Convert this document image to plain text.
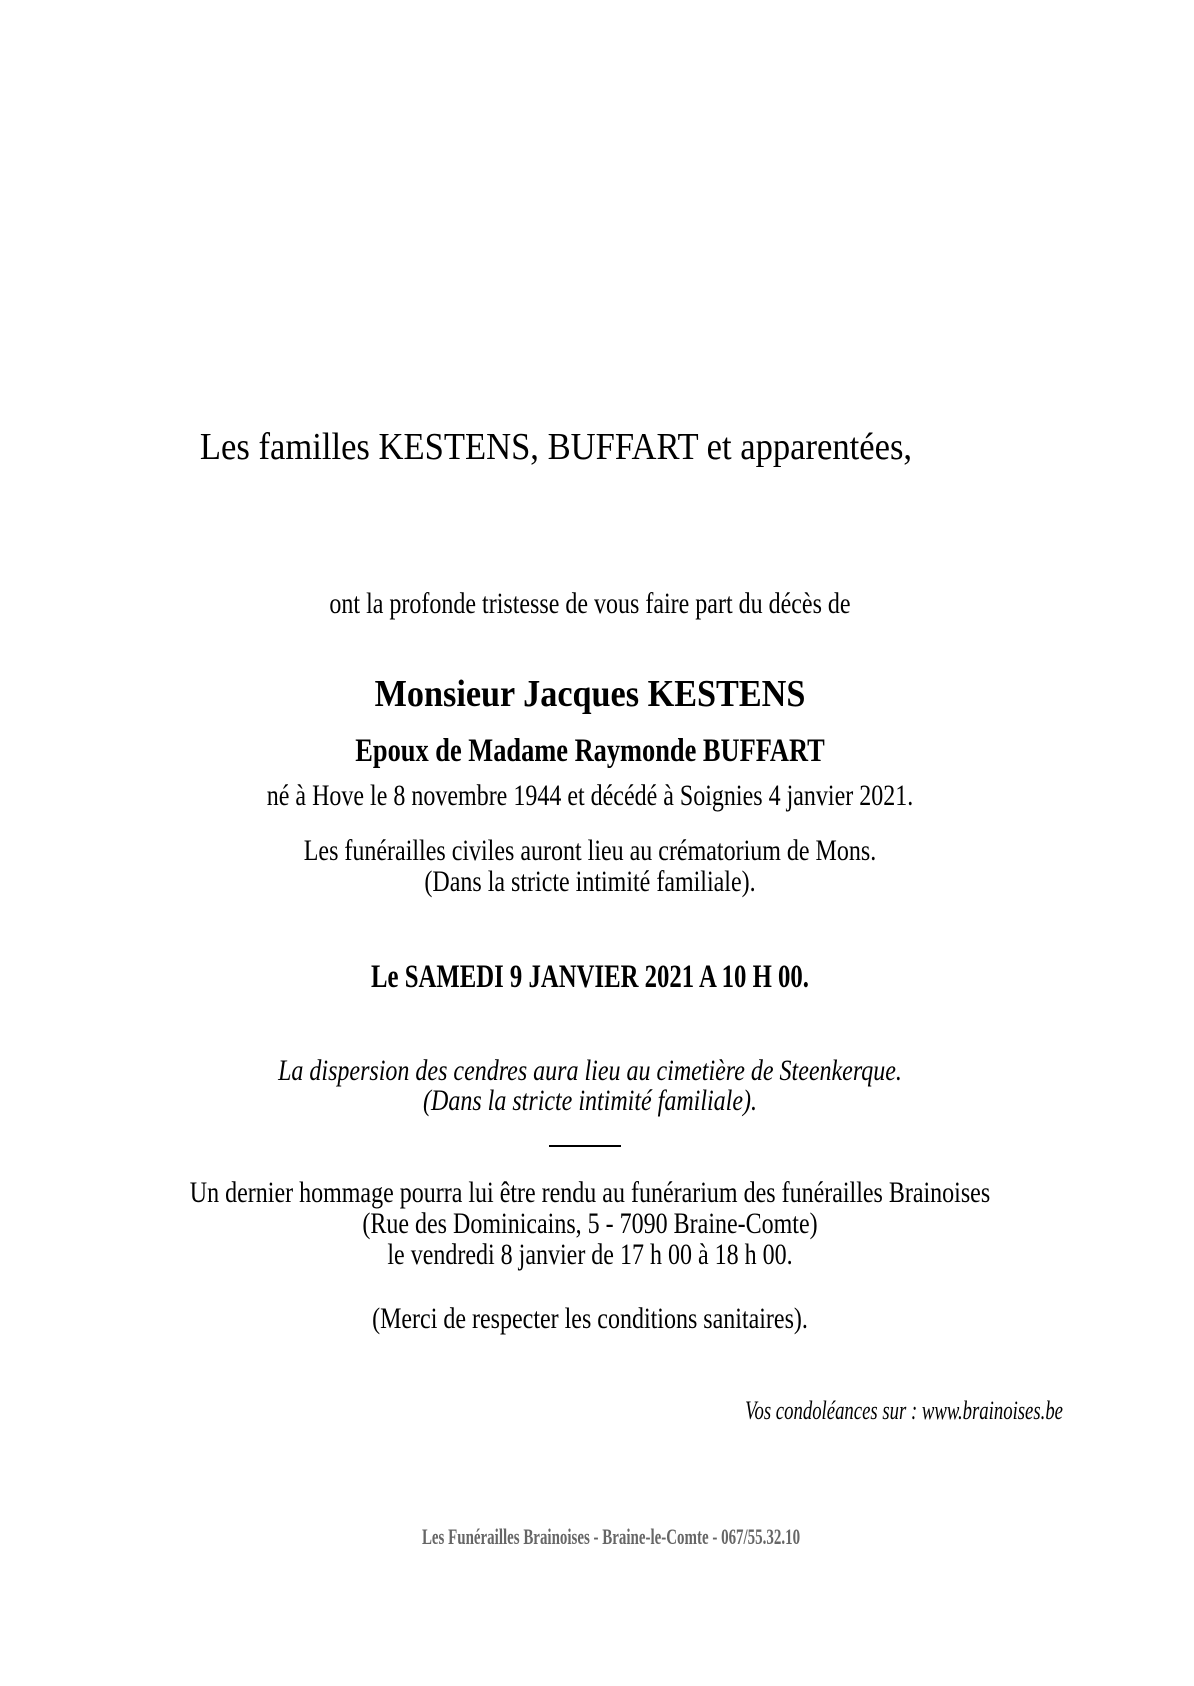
Les familles KESTENS, BUFFART et apparentées,
ont la profonde tristesse de vous faire part du décès de
Monsieur Jacques KESTENS
Epoux de Madame Raymonde BUFFART
né à Hove le 8 novembre 1944 et décédé à Soignies 4 janvier 2021.
Les funérailles civiles auront lieu au crématorium de Mons.
(Dans la stricte intimité familiale).
Le SAMEDI 9 JANVIER 2021 A 10 H 00.
La dispersion des cendres aura lieu au cimetière de Steenkerque.
(Dans la stricte intimité familiale).
Un dernier hommage pourra lui être rendu au funérarium des funérailles Brainoises
(Rue des Dominicains, 5 - 7090 Braine-Comte)
le vendredi 8 janvier de 17 h 00 à 18 h 00.
(Merci de respecter les conditions sanitaires).
Vos condoléances sur : www.brainoises.be
Les Funérailles Brainoises - Braine-le-Comte - 067/55.32.10
